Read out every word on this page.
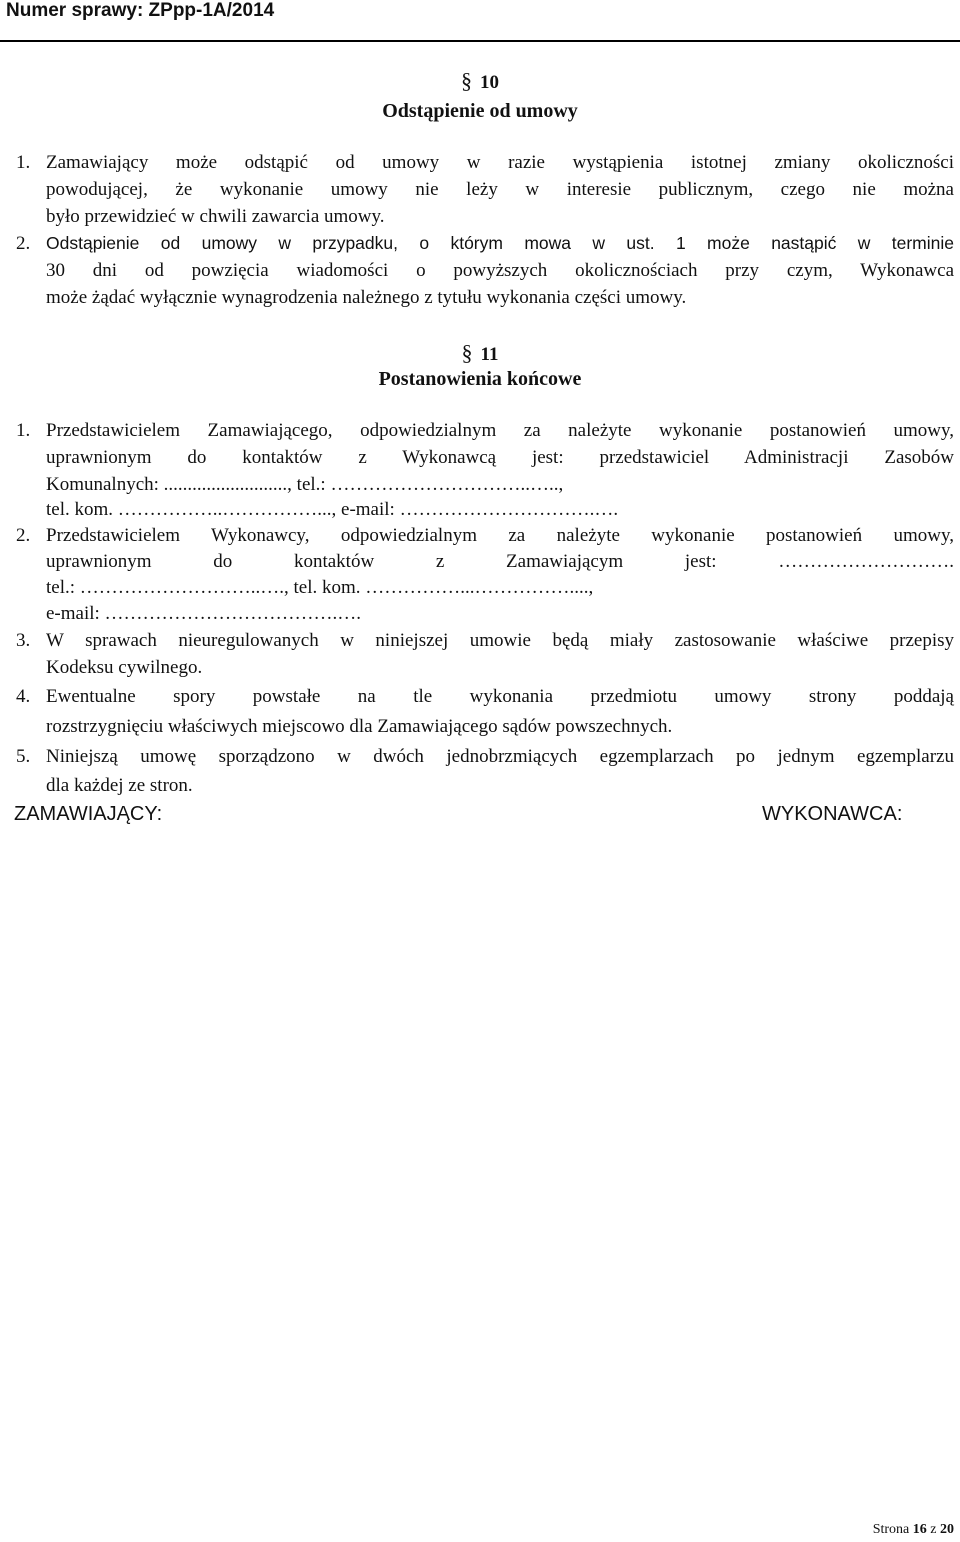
Numer sprawy: ZPpp-1A/2014
§ 10
Odstąpienie od umowy
1. Zamawiający może odstąpić od umowy w razie wystąpienia istotnej zmiany okoliczności
powodującej, że wykonanie umowy nie leży w interesie publicznym, czego nie można
było przewidzieć w chwili zawarcia umowy.
2. Odstąpienie od umowy w przypadku, o którym mowa w ust. 1 może nastąpić w terminie
30 dni od powzięcia wiadomości o powyższych okolicznościach przy czym, Wykonawca
może żądać wyłącznie wynagrodzenia należnego z tytułu wykonania części umowy.
§ 11
Postanowienia końcowe
1. Przedstawicielem Zamawiającego, odpowiedzialnym za należyte wykonanie postanowień umowy,
uprawnionym do kontaktów z Wykonawcą jest: przedstawiciel Administracji Zasobów
Komunalnych: .........................., tel.: …………………………..…..,
tel. kom. ……………..……………..., e-mail: ………………………….….
2. Przedstawicielem Wykonawcy, odpowiedzialnym za należyte wykonanie postanowień umowy,
uprawnionym do kontaktów z Zamawiającym jest: ……………………….
tel.: ………………………..…., tel. kom. ……………...……………....,
e-mail: ……………………………….….
3. W sprawach nieuregulowanych w niniejszej umowie będą miały zastosowanie właściwe przepisy
Kodeksu cywilnego.
4. Ewentualne spory powstałe na tle wykonania przedmiotu umowy strony poddają
rozstrzygnięciu właściwych miejscowo dla Zamawiającego sądów powszechnych.
5. Niniejszą umowę sporządzono w dwóch jednobrzmiących egzemplarzach po jednym egzemplarzu
dla każdej ze stron.
ZAMAWIAJĄCY:	WYKONAWCA:
Strona 16 z 20
